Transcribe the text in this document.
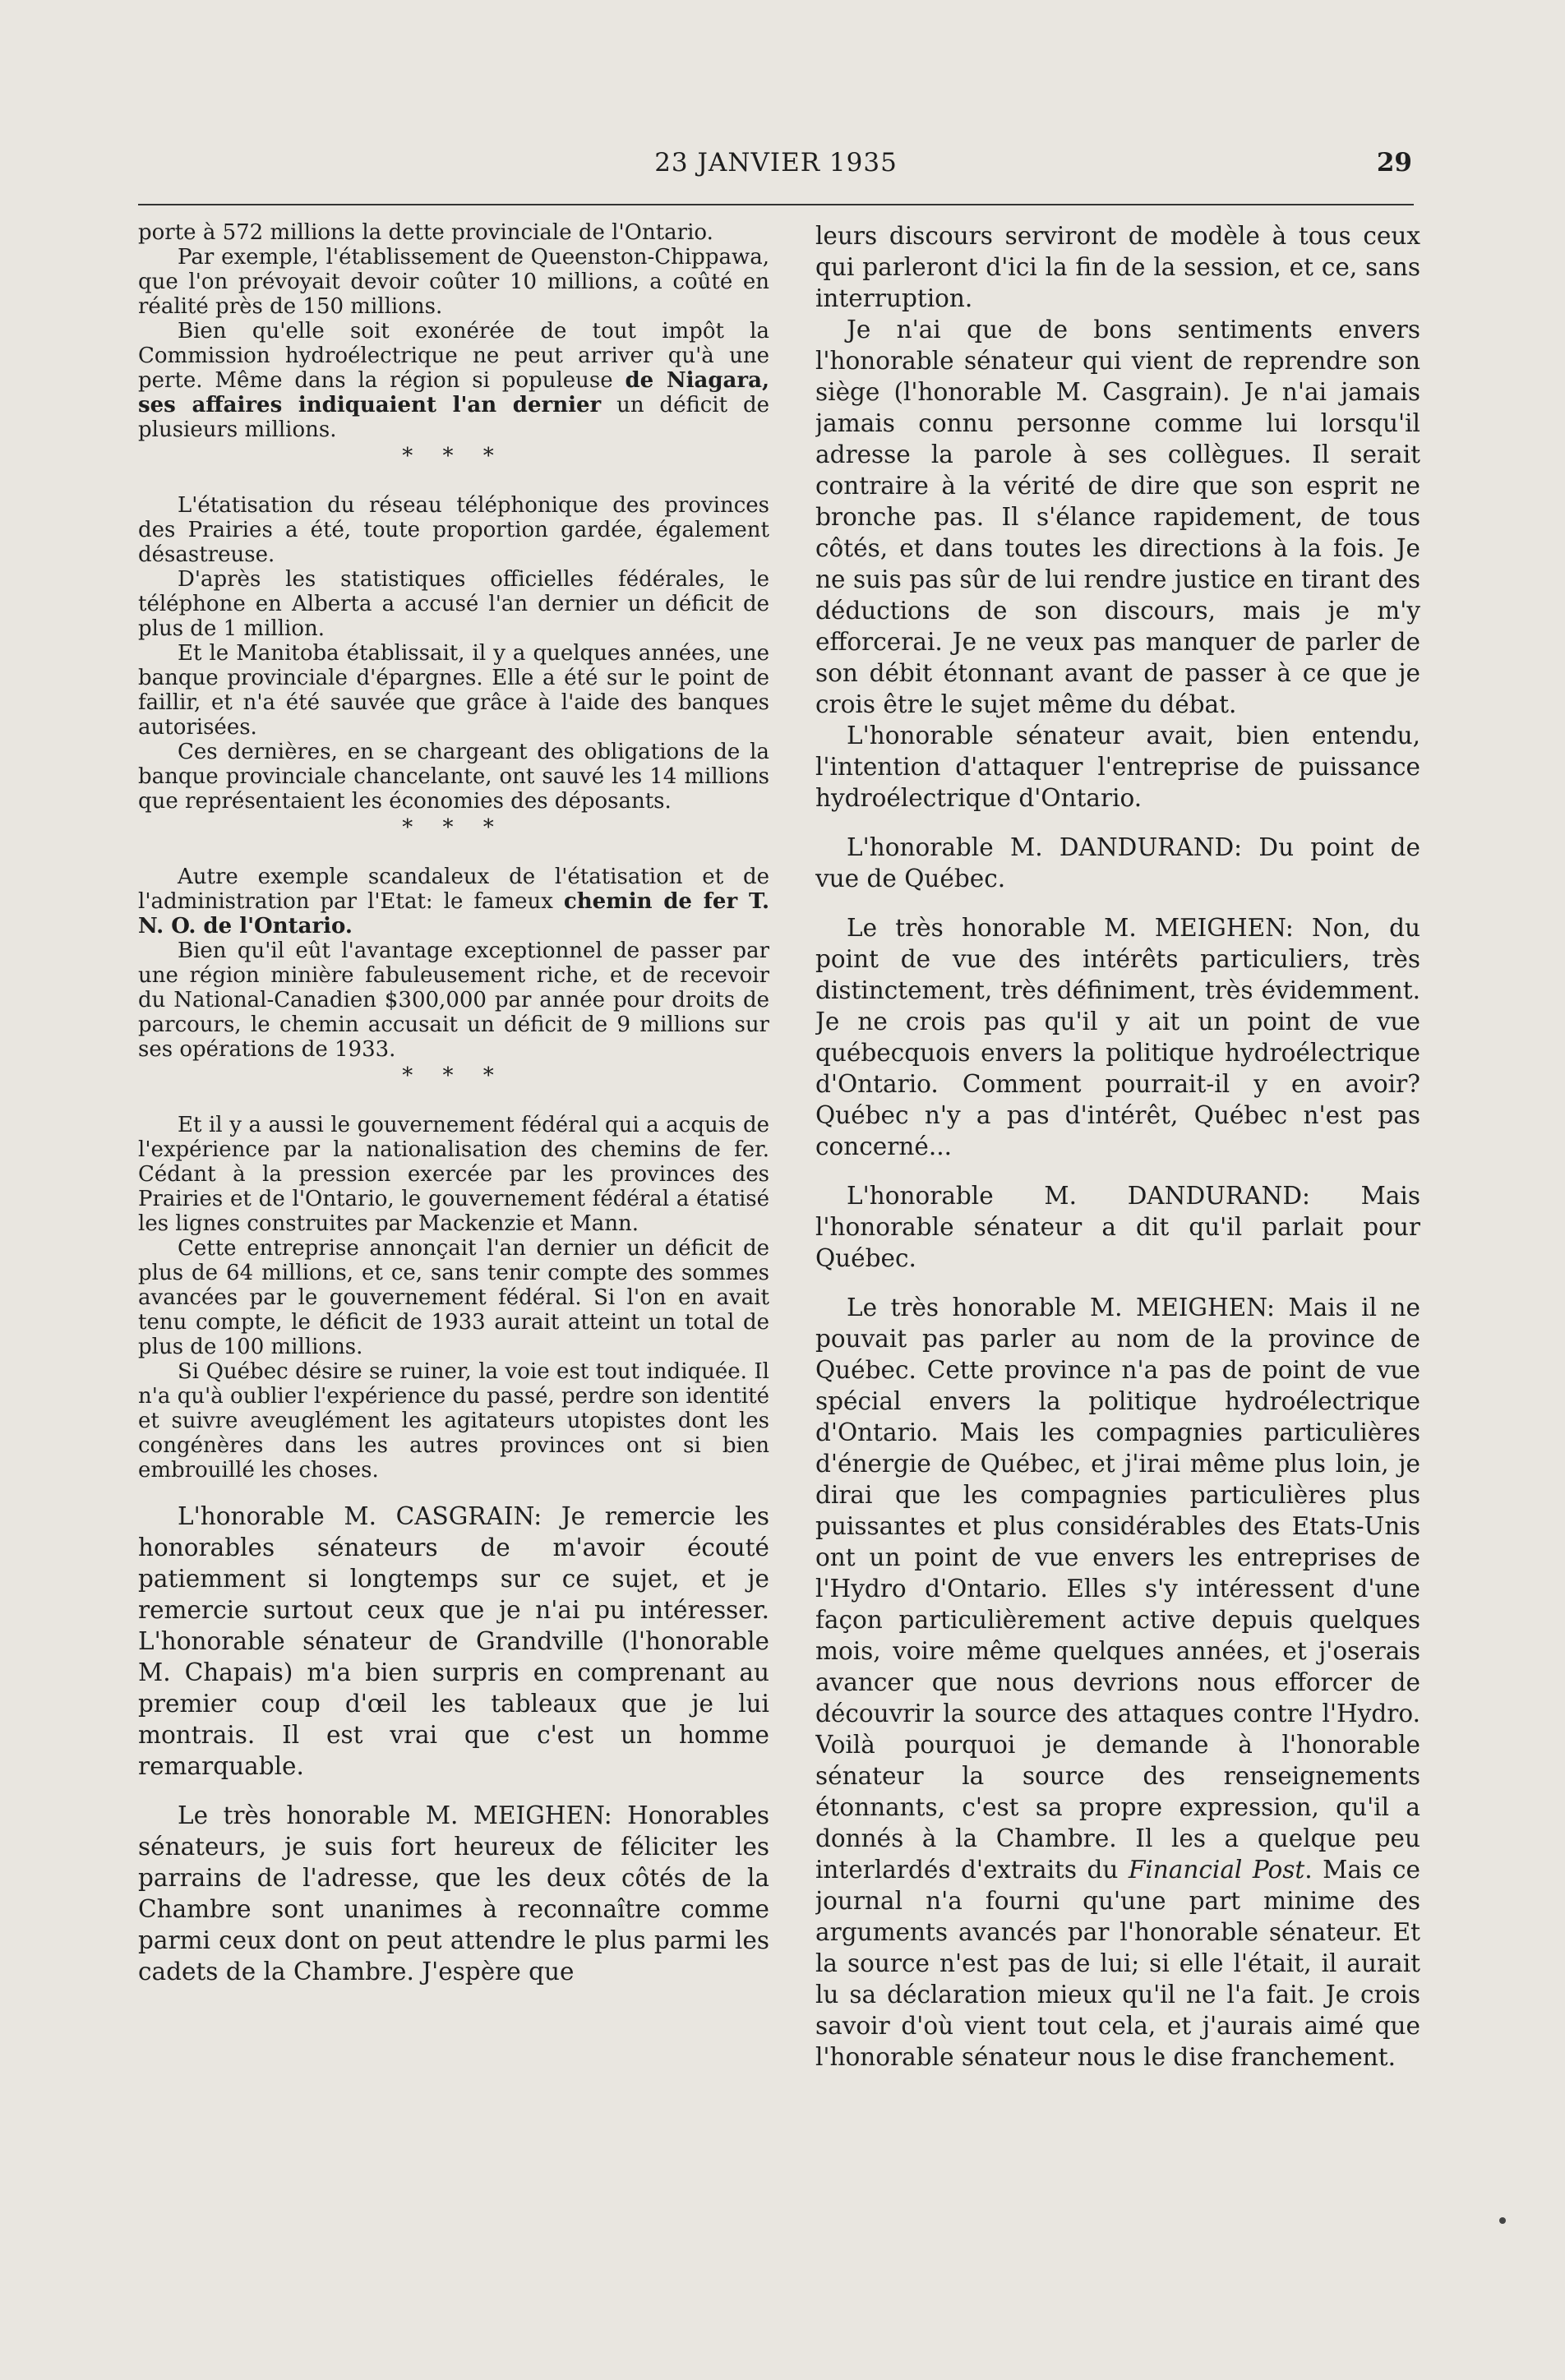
23 JANVIER 1935	29

porte à 572 millions la dette provinciale de l'Ontario.

Par exemple, l'établissement de Queenston-Chippawa, que l'on prévoyait devoir coûter 10 millions, a coûté en réalité près de 150 millions.

Bien qu'elle soit exonérée de tout impôt la Commission hydroélectrique ne peut arriver qu'à une perte. Même dans la région si populeuse de Niagara, ses affaires indiquaient l'an dernier un déficit de plusieurs millions.

* * *

L'étatisation du réseau téléphonique des provinces des Prairies a été, toute proportion gardée, également désastreuse.

D'après les statistiques officielles fédérales, le téléphone en Alberta a accusé l'an dernier un déficit de plus de 1 million.

Et le Manitoba établissait, il y a quelques années, une banque provinciale d'épargnes. Elle a été sur le point de faillir, et n'a été sauvée que grâce à l'aide des banques autorisées.

Ces dernières, en se chargeant des obligations de la banque provinciale chancelante, ont sauvé les 14 millions que représentaient les économies des déposants.

* * *

Autre exemple scandaleux de l'étatisation et de l'administration par l'Etat: le fameux chemin de fer T. N. O. de l'Ontario.

Bien qu'il eût l'avantage exceptionnel de passer par une région minière fabuleusement riche, et de recevoir du National-Canadien $300,000 par année pour droits de parcours, le chemin accusait un déficit de 9 millions sur ses opérations de 1933.

* * *

Et il y a aussi le gouvernement fédéral qui a acquis de l'expérience par la nationalisation des chemins de fer. Cédant à la pression exercée par les provinces des Prairies et de l'Ontario, le gouvernement fédéral a étatisé les lignes construites par Mackenzie et Mann.

Cette entreprise annonçait l'an dernier un déficit de plus de 64 millions, et ce, sans tenir compte des sommes avancées par le gouvernement fédéral. Si l'on en avait tenu compte, le déficit de 1933 aurait atteint un total de plus de 100 millions.

Si Québec désire se ruiner, la voie est tout indiquée. Il n'a qu'à oublier l'expérience du passé, perdre son identité et suivre aveuglément les agitateurs utopistes dont les congénères dans les autres provinces ont si bien embrouillé les choses.

L'honorable M. CASGRAIN: Je remercie les honorables sénateurs de m'avoir écouté patiemment si longtemps sur ce sujet, et je remercie surtout ceux que je n'ai pu intéresser. L'honorable sénateur de Grandville (l'honorable M. Chapais) m'a bien surpris en comprenant au premier coup d'œil les tableaux que je lui montrais. Il est vrai que c'est un homme remarquable.

Le très honorable M. MEIGHEN: Honorables sénateurs, je suis fort heureux de féliciter les parrains de l'adresse, que les deux côtés de la Chambre sont unanimes à reconnaître comme parmi ceux dont on peut attendre le plus parmi les cadets de la Chambre. J'espère que

leurs discours serviront de modèle à tous ceux qui parleront d'ici la fin de la session, et ce, sans interruption.

Je n'ai que de bons sentiments envers l'honorable sénateur qui vient de reprendre son siège (l'honorable M. Casgrain). Je n'ai jamais jamais connu personne comme lui lorsqu'il adresse la parole à ses collègues. Il serait contraire à la vérité de dire que son esprit ne bronche pas. Il s'élance rapidement, de tous côtés, et dans toutes les directions à la fois. Je ne suis pas sûr de lui rendre justice en tirant des déductions de son discours, mais je m'y efforcerai. Je ne veux pas manquer de parler de son débit étonnant avant de passer à ce que je crois être le sujet même du débat.

L'honorable sénateur avait, bien entendu, l'intention d'attaquer l'entreprise de puissance hydroélectrique d'Ontario.

L'honorable M. DANDURAND: Du point de vue de Québec.

Le très honorable M. MEIGHEN: Non, du point de vue des intérêts particuliers, très distinctement, très définiment, très évidemment. Je ne crois pas qu'il y ait un point de vue québecquois envers la politique hydroélectrique d'Ontario. Comment pourrait-il y en avoir? Québec n'y a pas d'intérêt, Québec n'est pas concerné...

L'honorable M. DANDURAND: Mais l'honorable sénateur a dit qu'il parlait pour Québec.

Le très honorable M. MEIGHEN: Mais il ne pouvait pas parler au nom de la province de Québec. Cette province n'a pas de point de vue spécial envers la politique hydroélectrique d'Ontario. Mais les compagnies particulières d'énergie de Québec, et j'irai même plus loin, je dirai que les compagnies particulières plus puissantes et plus considérables des Etats-Unis ont un point de vue envers les entreprises de l'Hydro d'Ontario. Elles s'y intéressent d'une façon particulièrement active depuis quelques mois, voire même quelques années, et j'oserais avancer que nous devrions nous efforcer de découvrir la source des attaques contre l'Hydro. Voilà pourquoi je demande à l'honorable sénateur la source des renseignements étonnants, c'est sa propre expression, qu'il a donnés à la Chambre. Il les a quelque peu interlardés d'extraits du Financial Post. Mais ce journal n'a fourni qu'une part minime des arguments avancés par l'honorable sénateur. Et la source n'est pas de lui; si elle l'était, il aurait lu sa déclaration mieux qu'il ne l'a fait. Je crois savoir d'où vient tout cela, et j'aurais aimé que l'honorable sénateur nous le dise franchement.
